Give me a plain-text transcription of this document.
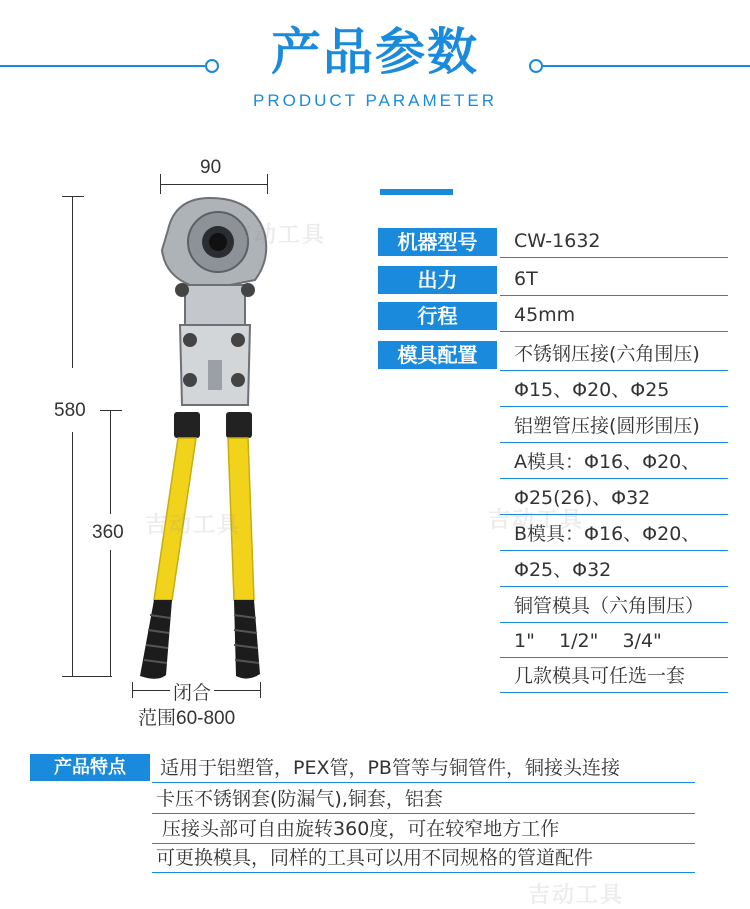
产品参数
PRODUCT PARAMETER
90
580
360
闭合
范围60-800
吉动工具
吉动工具	吉动工具
吉动工具
机器型号	CW-1632
出力	6T
行程	45mm
模具配置	不锈钢压接(六角围压)
Φ15、Φ20、Φ25
铝塑管压接(圆形围压)
A模具：Φ16、Φ20、
Φ25(26)、Φ32
B模具：Φ16、Φ20、
Φ25、Φ32
铜管模具（六角围压）
1"    1/2"    3/4"
几款模具可任选一套
产品特点	适用于铝塑管，PEX管，PB管等与铜管件，铜接头连接
卡压不锈钢套(防漏气),铜套，铝套
压接头部可自由旋转360度，可在较窄地方工作
可更换模具，同样的工具可以用不同规格的管道配件
